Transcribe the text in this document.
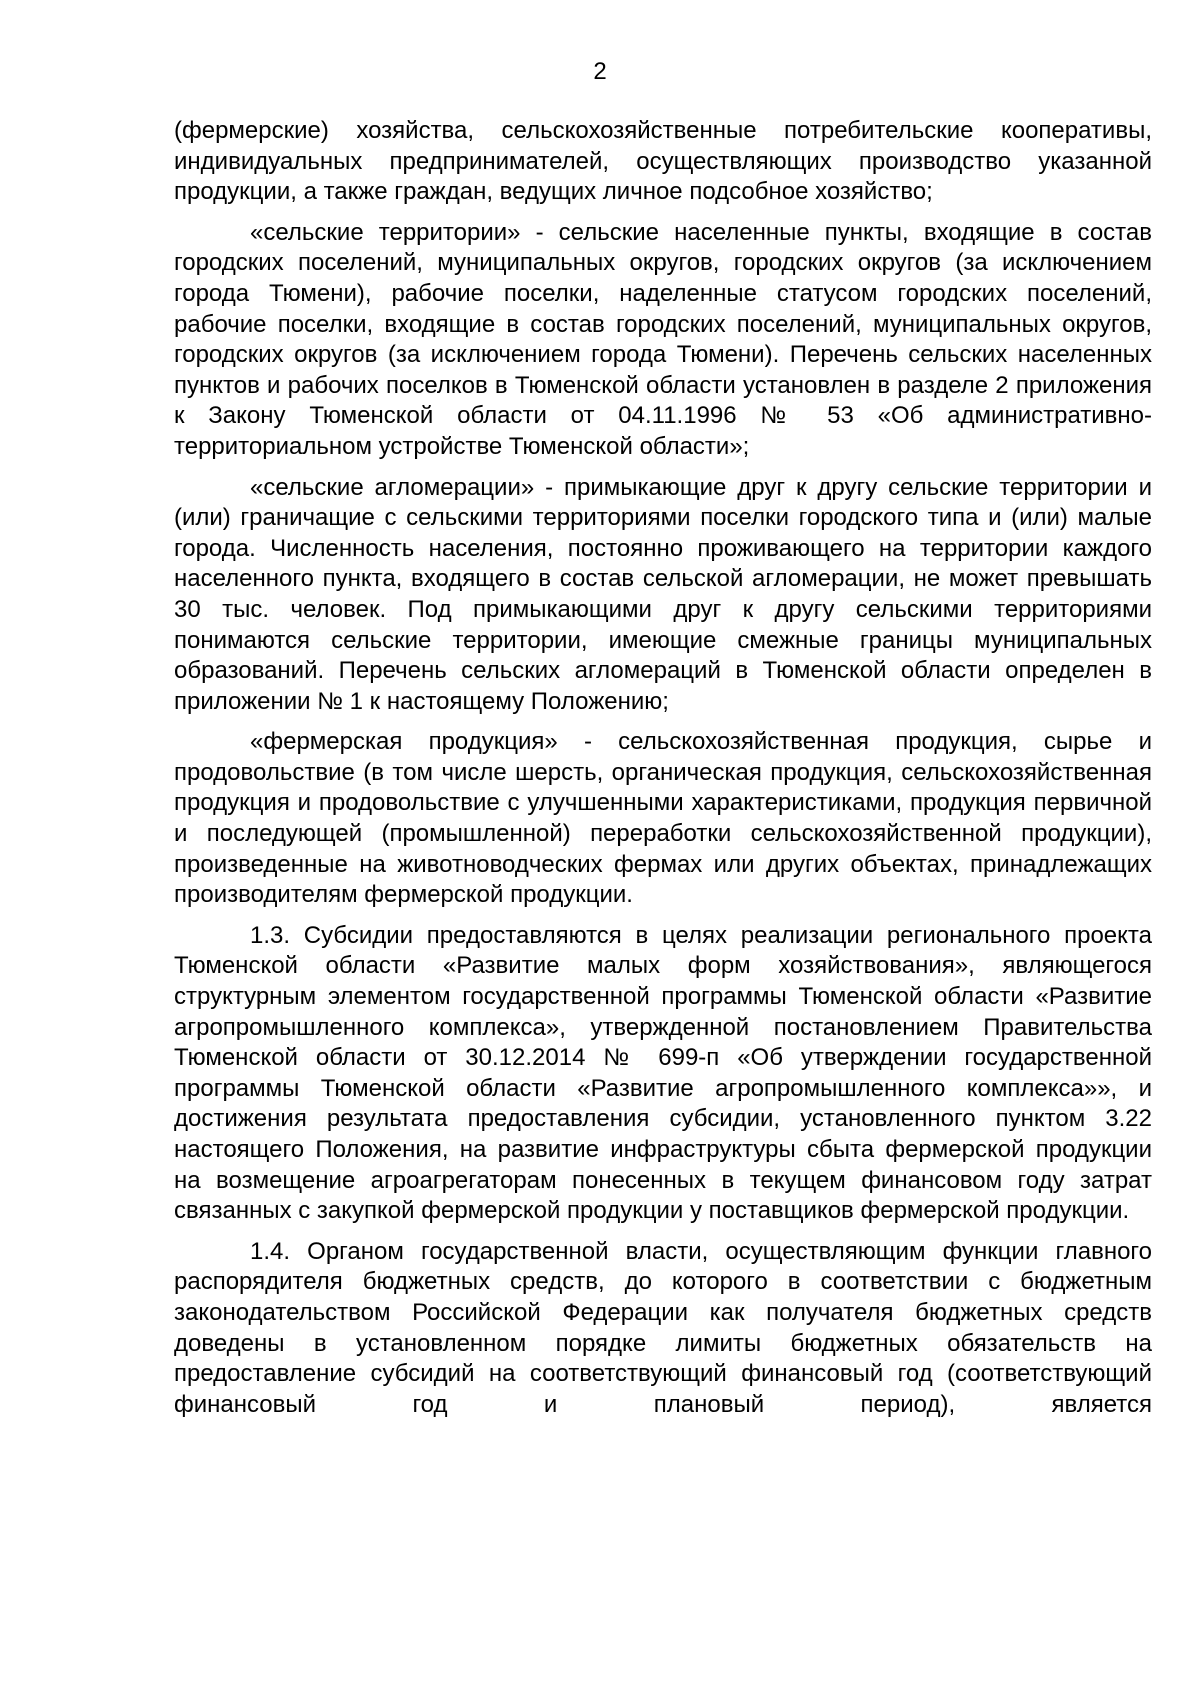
2

(фермерские) хозяйства, сельскохозяйственные потребительские кооперативы, индивидуальных предпринимателей, осуществляющих производство указанной продукции, а также граждан, ведущих личное подсобное хозяйство;

«сельские территории» - сельские населенные пункты, входящие в состав городских поселений, муниципальных округов, городских округов (за исключением города Тюмени), рабочие поселки, наделенные статусом городских поселений, рабочие поселки, входящие в состав городских поселений, муниципальных округов, городских округов (за исключением города Тюмени). Перечень сельских населенных пунктов и рабочих поселков в Тюменской области установлен в разделе 2 приложения к Закону Тюменской области от 04.11.1996 № 53 «Об административно-территориальном устройстве Тюменской области»;

«сельские агломерации» - примыкающие друг к другу сельские территории и (или) граничащие с сельскими территориями поселки городского типа и (или) малые города. Численность населения, постоянно проживающего на территории каждого населенного пункта, входящего в состав сельской агломерации, не может превышать 30 тыс. человек. Под примыкающими друг к другу сельскими территориями понимаются сельские территории, имеющие смежные границы муниципальных образований. Перечень сельских агломераций в Тюменской области определен в приложении № 1 к настоящему Положению;

«фермерская продукция» - сельскохозяйственная продукция, сырье и продовольствие (в том числе шерсть, органическая продукция, сельскохозяйственная продукция и продовольствие с улучшенными характеристиками, продукция первичной и последующей (промышленной) переработки сельскохозяйственной продукции), произведенные на животноводческих фермах или других объектах, принадлежащих производителям фермерской продукции.

1.3. Субсидии предоставляются в целях реализации регионального проекта Тюменской области «Развитие малых форм хозяйствования», являющегося структурным элементом государственной программы Тюменской области «Развитие агропромышленного комплекса», утвержденной постановлением Правительства Тюменской области от 30.12.2014 № 699-п «Об утверждении государственной программы Тюменской области «Развитие агропромышленного комплекса»», и достижения результата предоставления субсидии, установленного пунктом 3.22 настоящего Положения, на развитие инфраструктуры сбыта фермерской продукции на возмещение агроагрегаторам понесенных в текущем финансовом году затрат связанных с закупкой фермерской продукции у поставщиков фермерской продукции.

1.4. Органом государственной власти, осуществляющим функции главного распорядителя бюджетных средств, до которого в соответствии с бюджетным законодательством Российской Федерации как получателя бюджетных средств доведены в установленном порядке лимиты бюджетных обязательств на предоставление субсидий на соответствующий финансовый год (соответствующий финансовый год и плановый период), является
